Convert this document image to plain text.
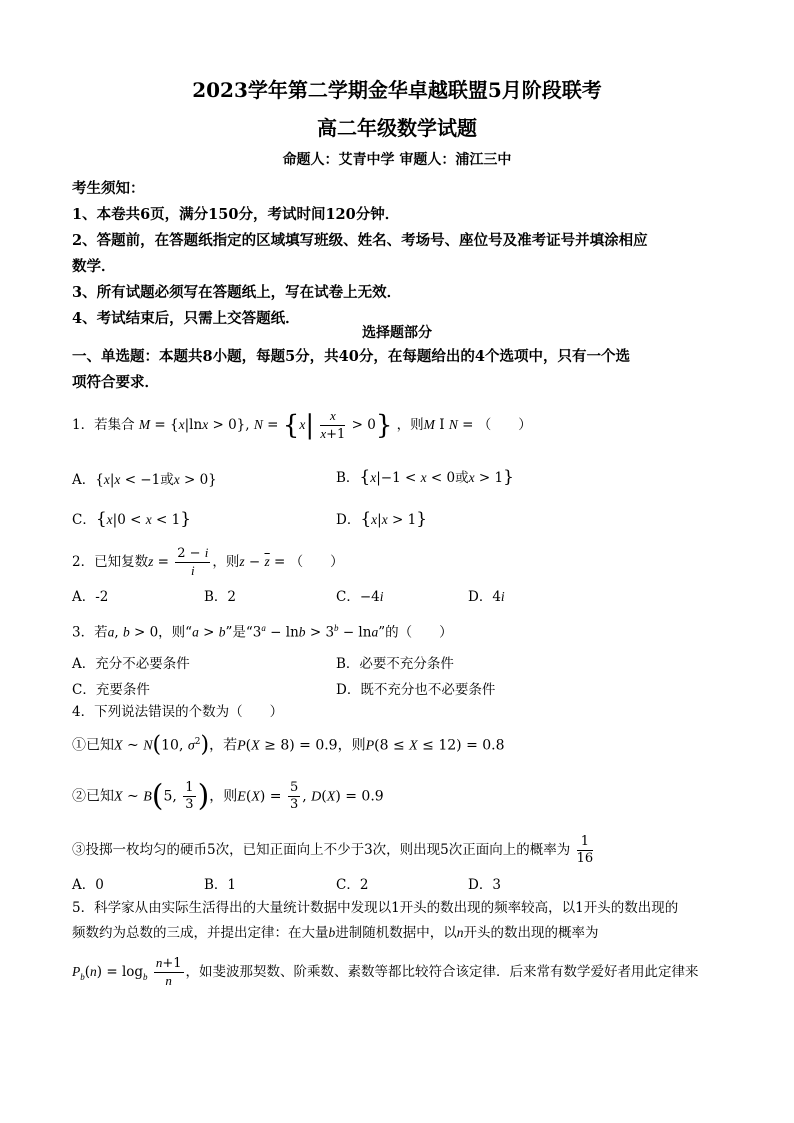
2023学年第二学期金华卓越联盟5月阶段联考
高二年级数学试题
命题人：艾青中学 审题人：浦江三中
考生须知：
1、本卷共6页，满分150分，考试时间120分钟．
2、答题前，在答题纸指定的区域填写班级、姓名、考场号、座位号及准考证号并填涂相应
数学．
3、所有试题必须写在答题纸上，写在试卷上无效．
4、考试结束后，只需上交答题纸．
选择题部分
一、单选题：本题共8小题，每题5分，共40分，在每题给出的4个选项中，只有一个选
项符合要求．
1．若集合 M = {x|lnx > 0}, $N = \{x| \frac{x}{x+1} > 0\}$ ，则M I N = （　　）
A．{x|x < −1或x > 0}	B．{x|−1 < x < 0或x > 1}
C．{x|0 < x < 1}	D．{x|x > 1}
2．已知复数$z = \frac{2 - i}{i}$ ，则$z - \overline{z}$ = （　　）
A．-2	B．2	C．−4i	D．4i
3．若a, b > 0，则“a > b”是“$3^a - \ln b > 3^b - \ln a$”的（　　）
A．充分不必要条件	B．必要不充分条件
C．充要条件	D．既不充分也不必要条件
4．下列说法错误的个数为（　　）
①已知X ~ N(10, $\sigma^2$)，若P(X ≥ 8) = 0.9，则P(8 ≤ X ≤ 12) = 0.8
②已知X ~ B(5, $\frac{1}{3}$ )，则$E(X) = \frac{5}{3}$ , D(X) = 0.9
③投掷一枚均匀的硬币5次，已知正面向上不少于3次，则出现5次正面向上的概率为 $\frac{1}{16}$
A．0	B．1	C．2	D．3
5．科学家从由实际生活得出的大量统计数据中发现以1开头的数出现的频率较高，以1开头的数出现的
频数约为总数的三成，并提出定律：在大量b进制随机数据中，以n开头的数出现的概率为
$P_b(n) = \log_b \frac{n+1}{n}$ ，如斐波那契数、阶乘数、素数等都比较符合该定律．后来常有数学爱好者用此定律来
